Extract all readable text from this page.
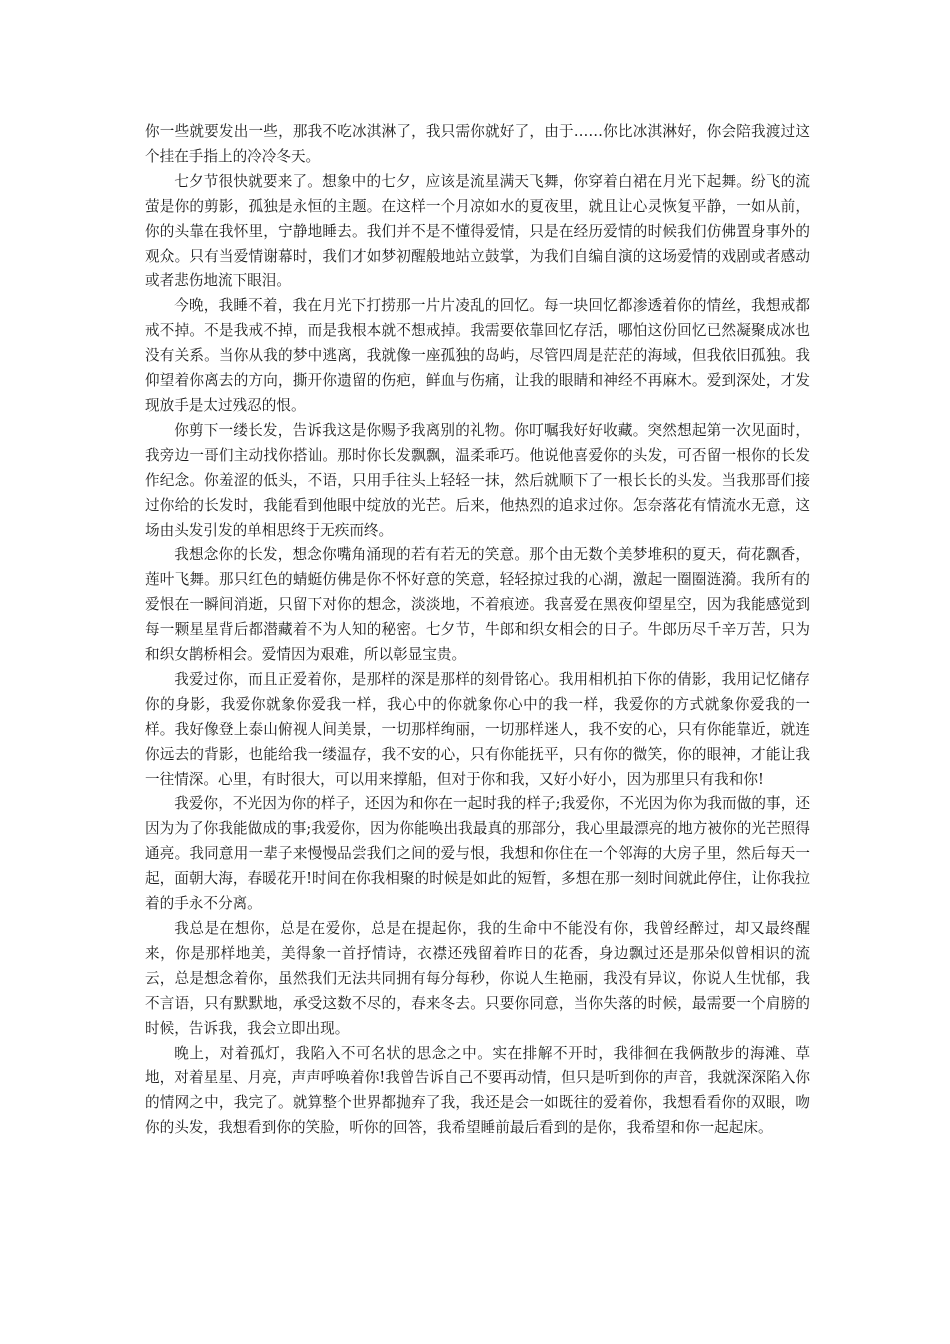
你一些就要发出一些，那我不吃冰淇淋了，我只需你就好了，由于……你比冰淇淋好，你会陪我渡过这个挂在手指上的冷冷冬天。

七夕节很快就要来了。想象中的七夕，应该是流星满天飞舞，你穿着白裙在月光下起舞。纷飞的流萤是你的剪影，孤独是永恒的主题。在这样一个月凉如水的夏夜里，就且让心灵恢复平静，一如从前，你的头靠在我怀里，宁静地睡去。我们并不是不懂得爱情，只是在经历爱情的时候我们仿佛置身事外的观众。只有当爱情谢幕时，我们才如梦初醒般地站立鼓掌，为我们自编自演的这场爱情的戏剧或者感动或者悲伤地流下眼泪。

今晚，我睡不着，我在月光下打捞那一片片凌乱的回忆。每一块回忆都渗透着你的情丝，我想戒都戒不掉。不是我戒不掉，而是我根本就不想戒掉。我需要依靠回忆存活，哪怕这份回忆已然凝聚成冰也没有关系。当你从我的梦中逃离，我就像一座孤独的岛屿，尽管四周是茫茫的海域，但我依旧孤独。我仰望着你离去的方向，撕开你遗留的伤疤，鲜血与伤痛，让我的眼睛和神经不再麻木。爱到深处，才发现放手是太过残忍的恨。

你剪下一缕长发，告诉我这是你赐予我离别的礼物。你叮嘱我好好收藏。突然想起第一次见面时，我旁边一哥们主动找你搭讪。那时你长发飘飘，温柔乖巧。他说他喜爱你的头发，可否留一根你的长发作纪念。你羞涩的低头，不语，只用手往头上轻轻一抹，然后就顺下了一根长长的头发。当我那哥们接过你给的长发时，我能看到他眼中绽放的光芒。后来，他热烈的追求过你。怎奈落花有情流水无意，这场由头发引发的单相思终于无疾而终。

我想念你的长发，想念你嘴角涌现的若有若无的笑意。那个由无数个美梦堆积的夏天，荷花飘香，莲叶飞舞。那只红色的蜻蜓仿佛是你不怀好意的笑意，轻轻掠过我的心湖，激起一圈圈涟漪。我所有的爱恨在一瞬间消逝，只留下对你的想念，淡淡地，不着痕迹。我喜爱在黑夜仰望星空，因为我能感觉到每一颗星星背后都潜藏着不为人知的秘密。七夕节，牛郎和织女相会的日子。牛郎历尽千辛万苦，只为和织女鹊桥相会。爱情因为艰难，所以彰显宝贵。

我爱过你，而且正爱着你，是那样的深是那样的刻骨铭心。我用相机拍下你的倩影，我用记忆储存你的身影，我爱你就象你爱我一样，我心中的你就象你心中的我一样，我爱你的方式就象你爱我的一样。我好像登上泰山俯视人间美景，一切那样绚丽，一切那样迷人，我不安的心，只有你能靠近，就连你远去的背影，也能给我一缕温存，我不安的心，只有你能抚平，只有你的微笑，你的眼神，才能让我一往情深。心里，有时很大，可以用来撑船，但对于你和我，又好小好小，因为那里只有我和你!

我爱你，不光因为你的样子，还因为和你在一起时我的样子;我爱你，不光因为你为我而做的事，还因为为了你我能做成的事;我爱你，因为你能唤出我最真的那部分，我心里最漂亮的地方被你的光芒照得通亮。我同意用一辈子来慢慢品尝我们之间的爱与恨，我想和你住在一个邻海的大房子里，然后每天一起，面朝大海，春暖花开!时间在你我相聚的时候是如此的短暂，多想在那一刻时间就此停住，让你我拉着的手永不分离。

我总是在想你，总是在爱你，总是在提起你，我的生命中不能没有你，我曾经醉过，却又最终醒来，你是那样地美，美得象一首抒情诗，衣襟还残留着昨日的花香，身边飘过还是那朵似曾相识的流云，总是想念着你，虽然我们无法共同拥有每分每秒，你说人生艳丽，我没有异议，你说人生忧郁，我不言语，只有默默地，承受这数不尽的，春来冬去。只要你同意，当你失落的时候，最需要一个肩膀的时候，告诉我，我会立即出现。

晚上，对着孤灯，我陷入不可名状的思念之中。实在排解不开时，我徘徊在我俩散步的海滩、草地，对着星星、月亮，声声呼唤着你!我曾告诉自己不要再动情，但只是听到你的声音，我就深深陷入你的情网之中，我完了。就算整个世界都抛弃了我，我还是会一如既往的爱着你，我想看看你的双眼，吻你的头发，我想看到你的笑脸，听你的回答，我希望睡前最后看到的是你，我希望和你一起起床。
